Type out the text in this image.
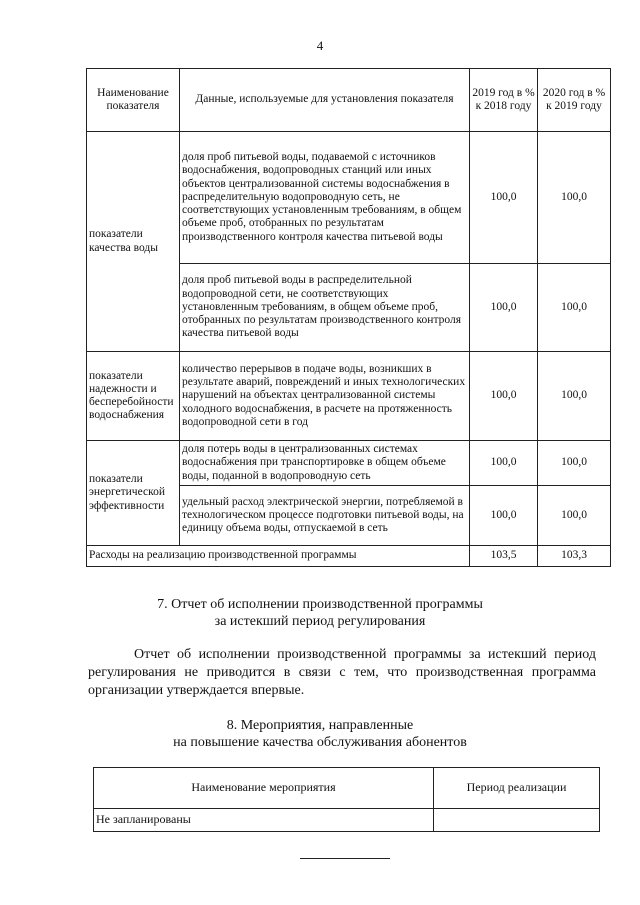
4
Наименование показателя	Данные, используемые для установления показателя	2019 год в % к 2018 году	2020 год в % к 2019 году
показатели качества воды	доля проб питьевой воды, подаваемой с источников водоснабжения, водопроводных станций или иных объектов централизованной системы водоснабжения в распределительную водопроводную сеть, не соответствующих установленным требованиям, в общем объеме проб, отобранных по результатам производственного контроля качества питьевой воды	100,0	100,0
	доля проб питьевой воды в распределительной водопроводной сети, не соответствующих установленным требованиям, в общем объеме проб, отобранных по результатам производственного контроля качества питьевой воды	100,0	100,0
показатели надежности и бесперебойности водоснабжения	количество перерывов в подаче воды, возникших в результате аварий, повреждений и иных технологических нарушений на объектах централизованной системы холодного водоснабжения, в расчете на протяженность водопроводной сети в год	100,0	100,0
показатели энергетической эффективности	доля потерь воды в централизованных системах водоснабжения при транспортировке в общем объеме воды, поданной в водопроводную сеть	100,0	100,0
	удельный расход электрической энергии, потребляемой в технологическом процессе подготовки питьевой воды, на единицу объема воды, отпускаемой в сеть	100,0	100,0
Расходы на реализацию производственной программы		103,5	103,3
7. Отчет об исполнении производственной программы
за истекший период регулирования
Отчет об исполнении производственной программы за истекший период регулирования не приводится в связи с тем, что производственная программа организации утверждается впервые.
8. Мероприятия, направленные
на повышение качества обслуживания абонентов
Наименование мероприятия	Период реализации
Не запланированы	
